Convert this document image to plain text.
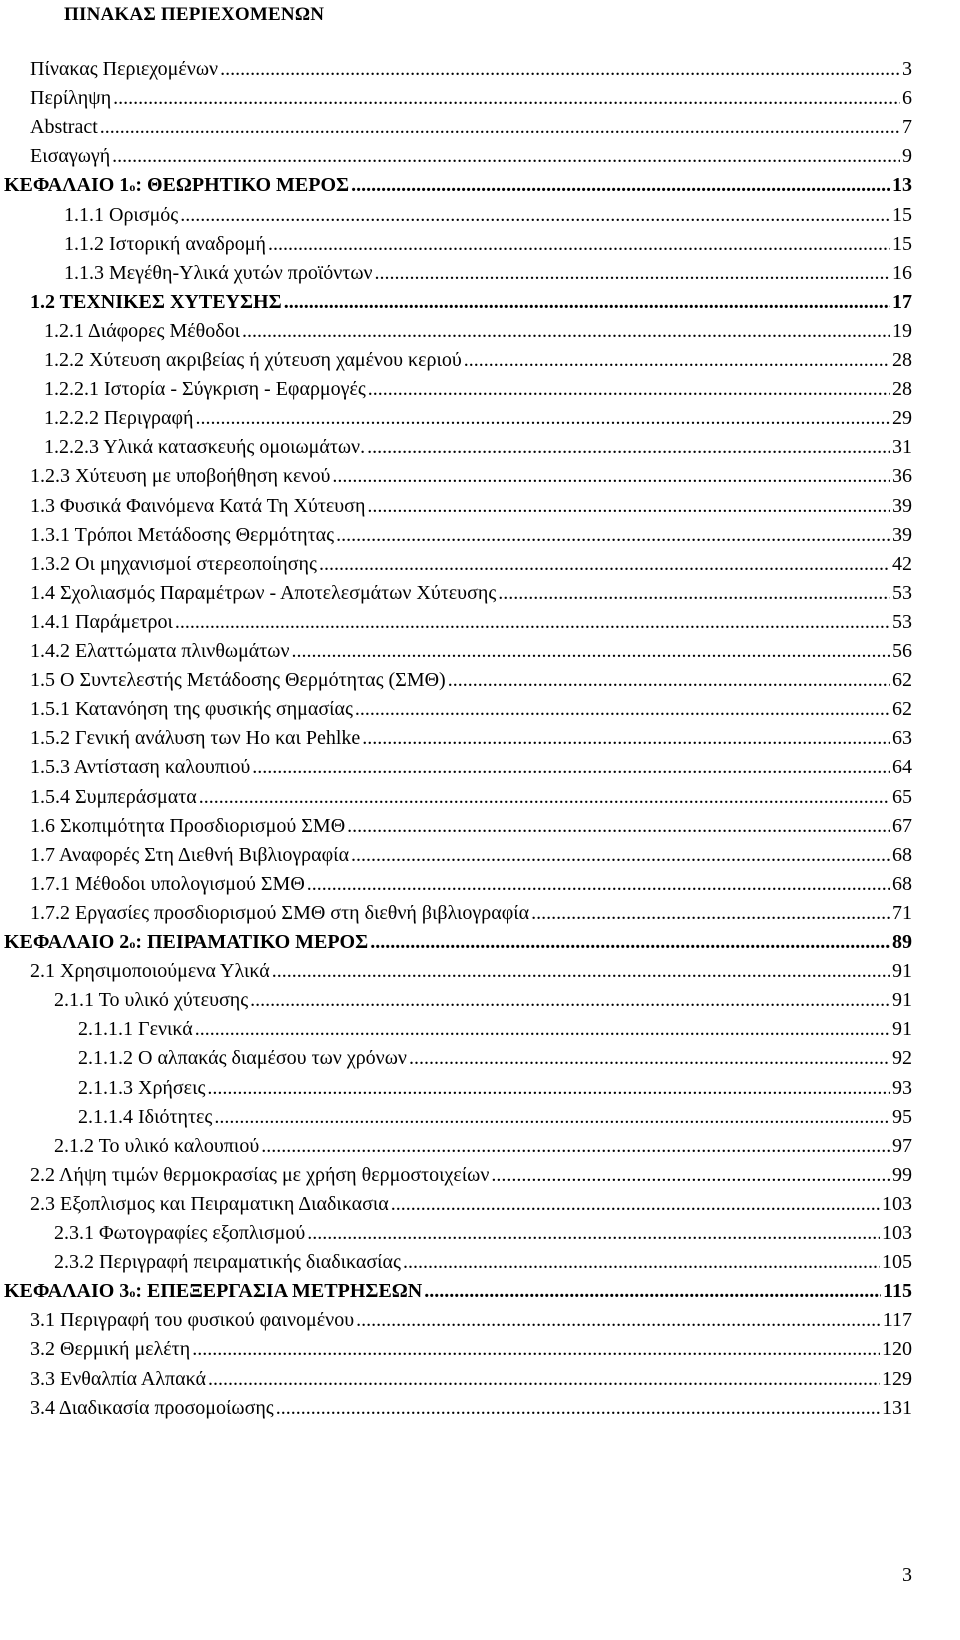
ΠΙΝΑΚΑΣ ΠΕΡΙΕΧΟΜΕΝΩΝ
Πίνακας Περιεχομένων .....	3
Περίληψη .....	6
Abstract .....	7
Εισαγωγή .....	9
ΚΕΦΑΛΑΙΟ 1 ο : ΘΕΩΡΗΤΙΚΟ ΜΕΡΟΣ .....	13
1.1.1 Ορισμός .....	15
1.1.2 Ιστορική αναδρομή .....	15
1.1.3 Μεγέθη-Υλικά χυτών προϊόντων .....	16
1.2 ΤΕΧΝΙΚΕΣ ΧΥΤΕΥΣΗΣ .....	17
1.2.1 Διάφορες Μέθοδοι .....	19
1.2.2 Χύτευση ακριβείας ή χύτευση χαμένου κεριού .....	28
1.2.2.1 Ιστορία - Σύγκριση - Εφαρμογές .....	28
1.2.2.2 Περιγραφή .....	29
1.2.2.3 Υλικά κατασκευής ομοιωμάτων. .....	31
1.2.3 Χύτευση με υποβοήθηση κενού .....	36
1.3 Φυσικά Φαινόμενα Κατά Τη Χύτευση .....	39
1.3.1 Τρόποι Μετάδοσης Θερμότητας .....	39
1.3.2 Οι μηχανισμοί στερεοποίησης .....	42
1.4 Σχολιασμός Παραμέτρων - Αποτελεσμάτων Χύτευσης .....	53
1.4.1 Παράμετροι .....	53
1.4.2 Ελαττώματα πλινθωμάτων .....	56
1.5 Ο Συντελεστής Μετάδοσης Θερμότητας (ΣΜΘ) .....	62
1.5.1 Κατανόηση της φυσικής σημασίας .....	62
1.5.2 Γενική ανάλυση των Ho και Pehlke .....	63
1.5.3 Αντίσταση καλουπιού .....	64
1.5.4 Συμπεράσματα .....	65
1.6 Σκοπιμότητα Προσδιορισμού ΣΜΘ .....	67
1.7 Αναφορές Στη Διεθνή Βιβλιογραφία .....	68
1.7.1 Μέθοδοι υπολογισμού ΣΜΘ .....	68
1.7.2 Εργασίες προσδιορισμού ΣΜΘ στη διεθνή βιβλιογραφία .....	71
ΚΕΦΑΛΑΙΟ 2 ο : ΠΕΙΡΑΜΑΤΙΚΟ ΜΕΡΟΣ .....	89
2.1 Χρησιμοποιούμενα Υλικά .....	91
2.1.1 Το υλικό χύτευσης .....	91
2.1.1.1 Γενικά .....	91
2.1.1.2 Ο αλπακάς διαμέσου των χρόνων .....	92
2.1.1.3 Χρήσεις .....	93
2.1.1.4 Ιδιότητες .....	95
2.1.2 Το υλικό καλουπιού .....	97
2.2 Λήψη τιμών θερμοκρασίας με χρήση θερμοστοιχείων .....	99
2.3 Εξοπλισμος και Πειραματικη Διαδικασια .....	103
2.3.1 Φωτογραφίες εξοπλισμού .....	103
2.3.2 Περιγραφή πειραματικής διαδικασίας .....	105
ΚΕΦΑΛΑΙΟ 3 ο : ΕΠΕΞΕΡΓΑΣΙΑ ΜΕΤΡΗΣΕΩΝ .....	115
3.1 Περιγραφή του φυσικού φαινομένου .....	117
3.2 Θερμική μελέτη .....	120
3.3 Ενθαλπία Αλπακά .....	129
3.4 Διαδικασία προσομοίωσης .....	131
3
